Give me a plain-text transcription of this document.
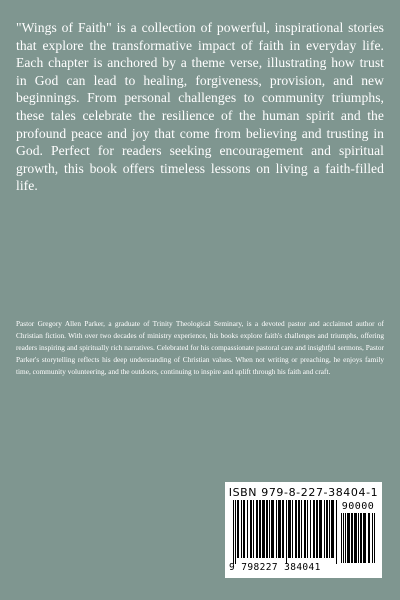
"Wings of Faith" is a collection of powerful, inspirational stories that explore the transformative impact of faith in everyday life. Each chapter is anchored by a theme verse, illustrating how trust in God can lead to healing, forgiveness, provision, and new beginnings. From personal challenges to community triumphs, these tales celebrate the resilience of the human spirit and the profound peace and joy that come from believing and trusting in God. Perfect for readers seeking encouragement and spiritual growth, this book offers timeless lessons on living a faith-filled life.

Pastor Gregory Allen Parker, a graduate of Trinity Theological Seminary, is a devoted pastor and acclaimed author of Christian fiction. With over two decades of ministry experience, his books explore faith's challenges and triumphs, offering readers inspiring and spiritually rich narratives. Celebrated for his compassionate pastoral care and insightful sermons, Pastor Parker's storytelling reflects his deep understanding of Christian values. When not writing or preaching, he enjoys family time, community volunteering, and the outdoors, continuing to inspire and uplift through his faith and craft.

ISBN 979-8-227-38404-1
90000
9 798227 384041
